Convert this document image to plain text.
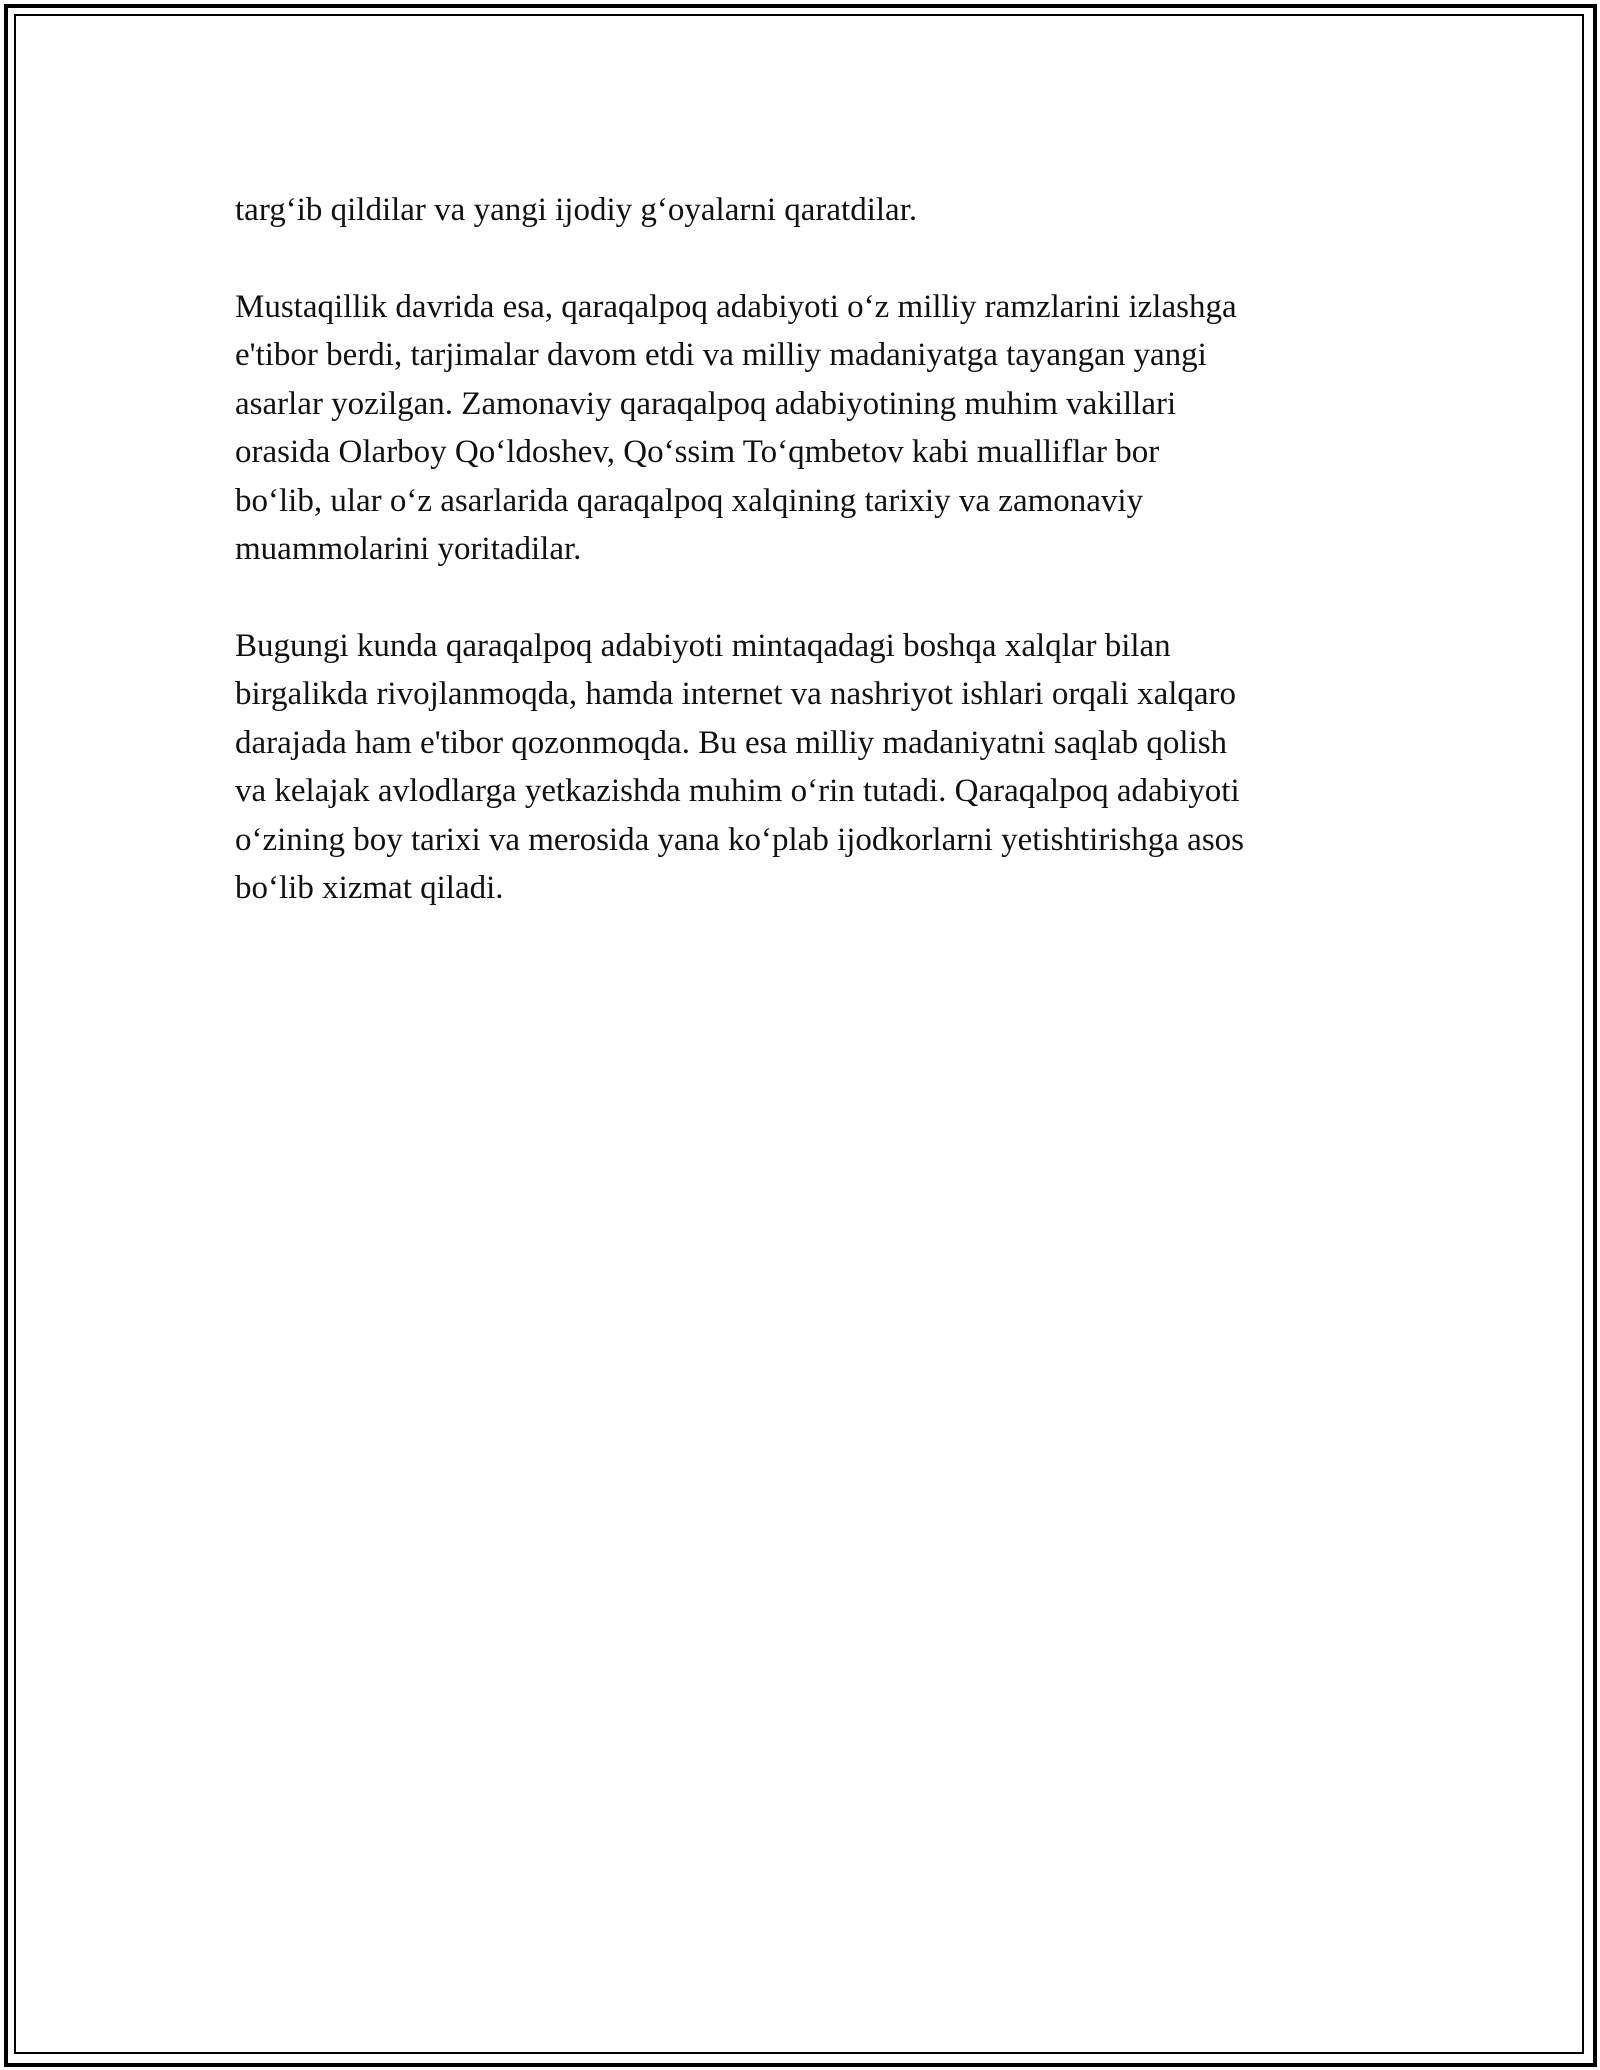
targ‘ib qildilar va yangi ijodiy g‘oyalarni qaratdilar.

Mustaqillik davrida esa, qaraqalpoq adabiyoti o‘z milliy ramzlarini izlashga
e'tibor berdi, tarjimalar davom etdi va milliy madaniyatga tayangan yangi
asarlar yozilgan. Zamonaviy qaraqalpoq adabiyotining muhim vakillari
orasida Olarboy Qo‘ldoshev, Qo‘ssim To‘qmbetov kabi mualliflar bor
bo‘lib, ular o‘z asarlarida qaraqalpoq xalqining tarixiy va zamonaviy
muammolarini yoritadilar.

Bugungi kunda qaraqalpoq adabiyoti mintaqadagi boshqa xalqlar bilan
birgalikda rivojlanmoqda, hamda internet va nashriyot ishlari orqali xalqaro
darajada ham e'tibor qozonmoqda. Bu esa milliy madaniyatni saqlab qolish
va kelajak avlodlarga yetkazishda muhim o‘rin tutadi. Qaraqalpoq adabiyoti
o‘zining boy tarixi va merosida yana ko‘plab ijodkorlarni yetishtirishga asos
bo‘lib xizmat qiladi.
